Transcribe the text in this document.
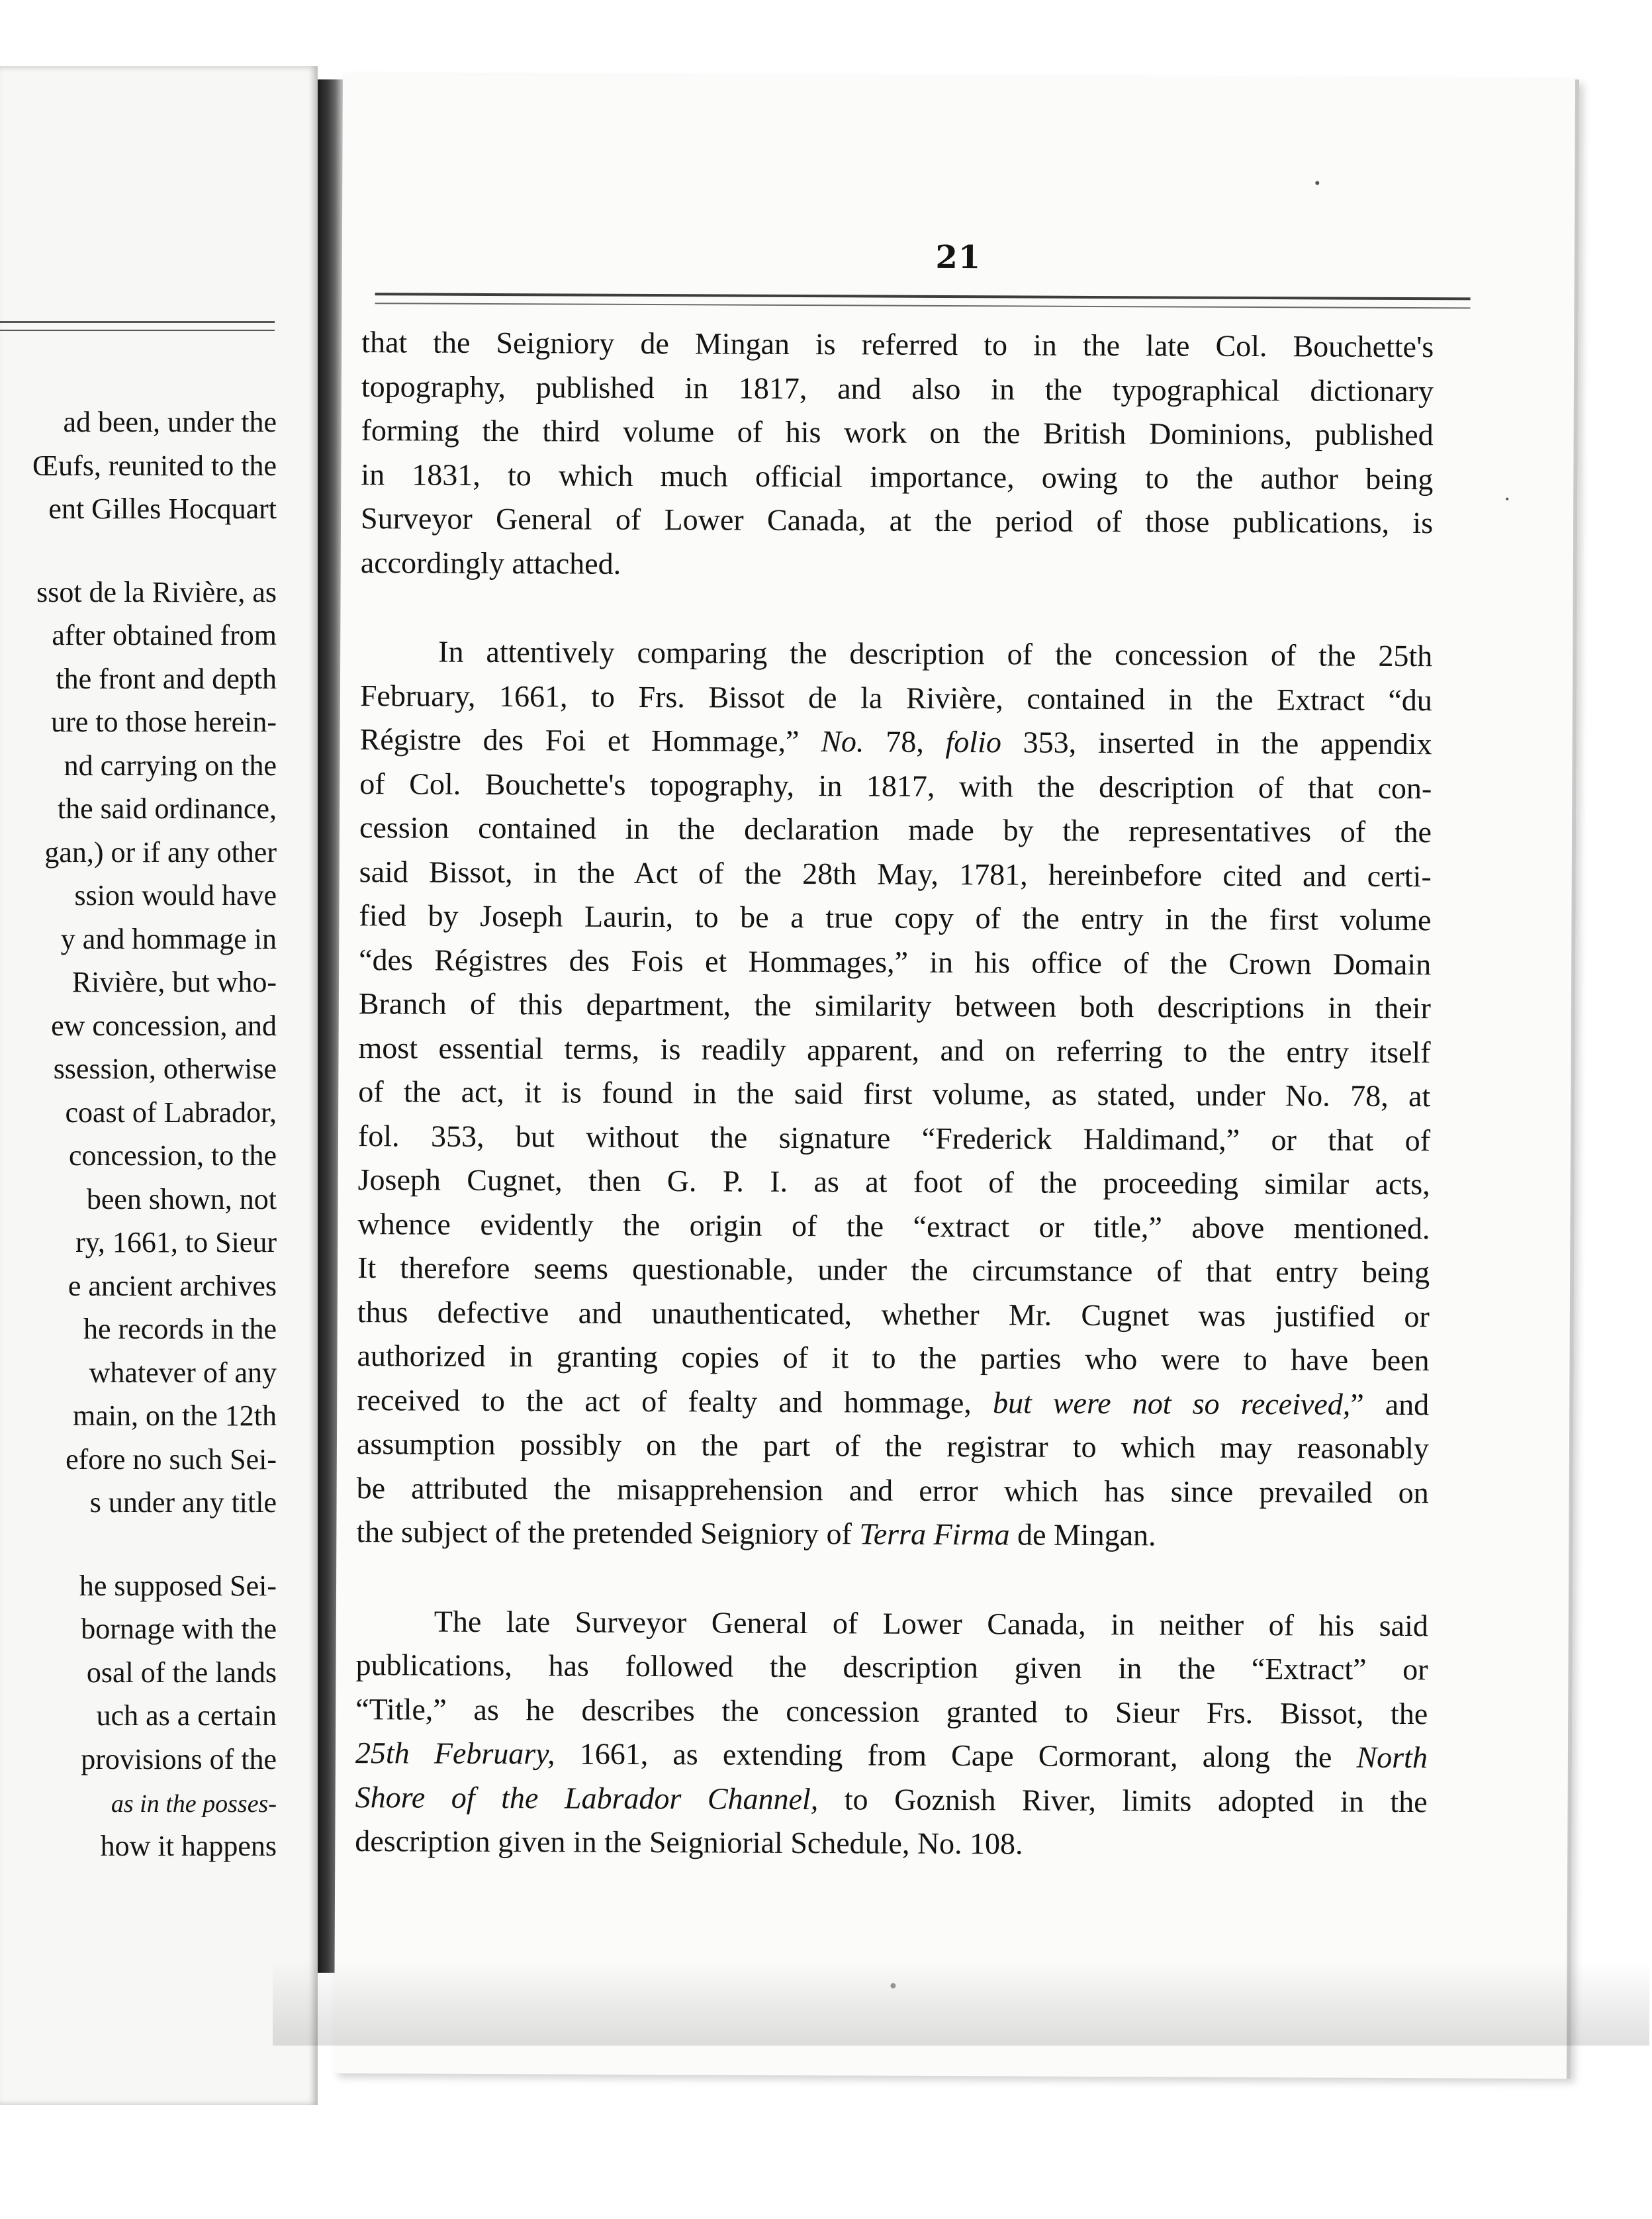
ad been, under the
Œufs, reunited to the
ent Gilles Hocquart
ssot de la Rivière, as
after obtained from
the front and depth
ure to those herein-
nd carrying on the
the said ordinance,
gan,) or if any other
ssion would have
y and hommage in
Rivière, but who-
ew concession, and
ssession, otherwise
coast of Labrador,
concession, to the
been shown, not
ry, 1661, to Sieur
e ancient archives
he records in the
whatever of any
main, on the 12th
efore no such Sei-
s under any title
he supposed Sei-
bornage with the
osal of the lands
uch as a certain
provisions of the
as in the posses-
how it happens
21
that the Seigniory de Mingan is referred to in the late Col. Bouchette's
topography, published in 1817, and also in the typographical dictionary
forming the third volume of his work on the British Dominions, published
in 1831, to which much official importance, owing to the author being
Surveyor General of Lower Canada, at the period of those publications, is
accordingly attached.
In attentively comparing the description of the concession of the 25th
February, 1661, to Frs. Bissot de la Rivière, contained in the Extract “du
Régistre des Foi et Hommage,” No. 78, folio 353, inserted in the appendix
of Col. Bouchette's topography, in 1817, with the description of that con-
cession contained in the declaration made by the representatives of the
said Bissot, in the Act of the 28th May, 1781, hereinbefore cited and certi-
fied by Joseph Laurin, to be a true copy of the entry in the first volume
“des Régistres des Fois et Hommages,” in his office of the Crown Domain
Branch of this department, the similarity between both descriptions in their
most essential terms, is readily apparent, and on referring to the entry itself
of the act, it is found in the said first volume, as stated, under No. 78, at
fol. 353, but without the signature “Frederick Haldimand,” or that of
Joseph Cugnet, then G. P. I. as at foot of the proceeding similar acts,
whence evidently the origin of the “extract or title,” above mentioned.
It therefore seems questionable, under the circumstance of that entry being
thus defective and unauthenticated, whether Mr. Cugnet was justified or
authorized in granting copies of it to the parties who were to have been
received to the act of fealty and hommage, but were not so received,” and
assumption possibly on the part of the registrar to which may reasonably
be attributed the misapprehension and error which has since prevailed on
the subject of the pretended Seigniory of Terra Firma de Mingan.
The late Surveyor General of Lower Canada, in neither of his said
publications, has followed the description given in the “Extract” or
“Title,” as he describes the concession granted to Sieur Frs. Bissot, the
25th February, 1661, as extending from Cape Cormorant, along the North
Shore of the Labrador Channel, to Goznish River, limits adopted in the
description given in the Seigniorial Schedule, No. 108.
